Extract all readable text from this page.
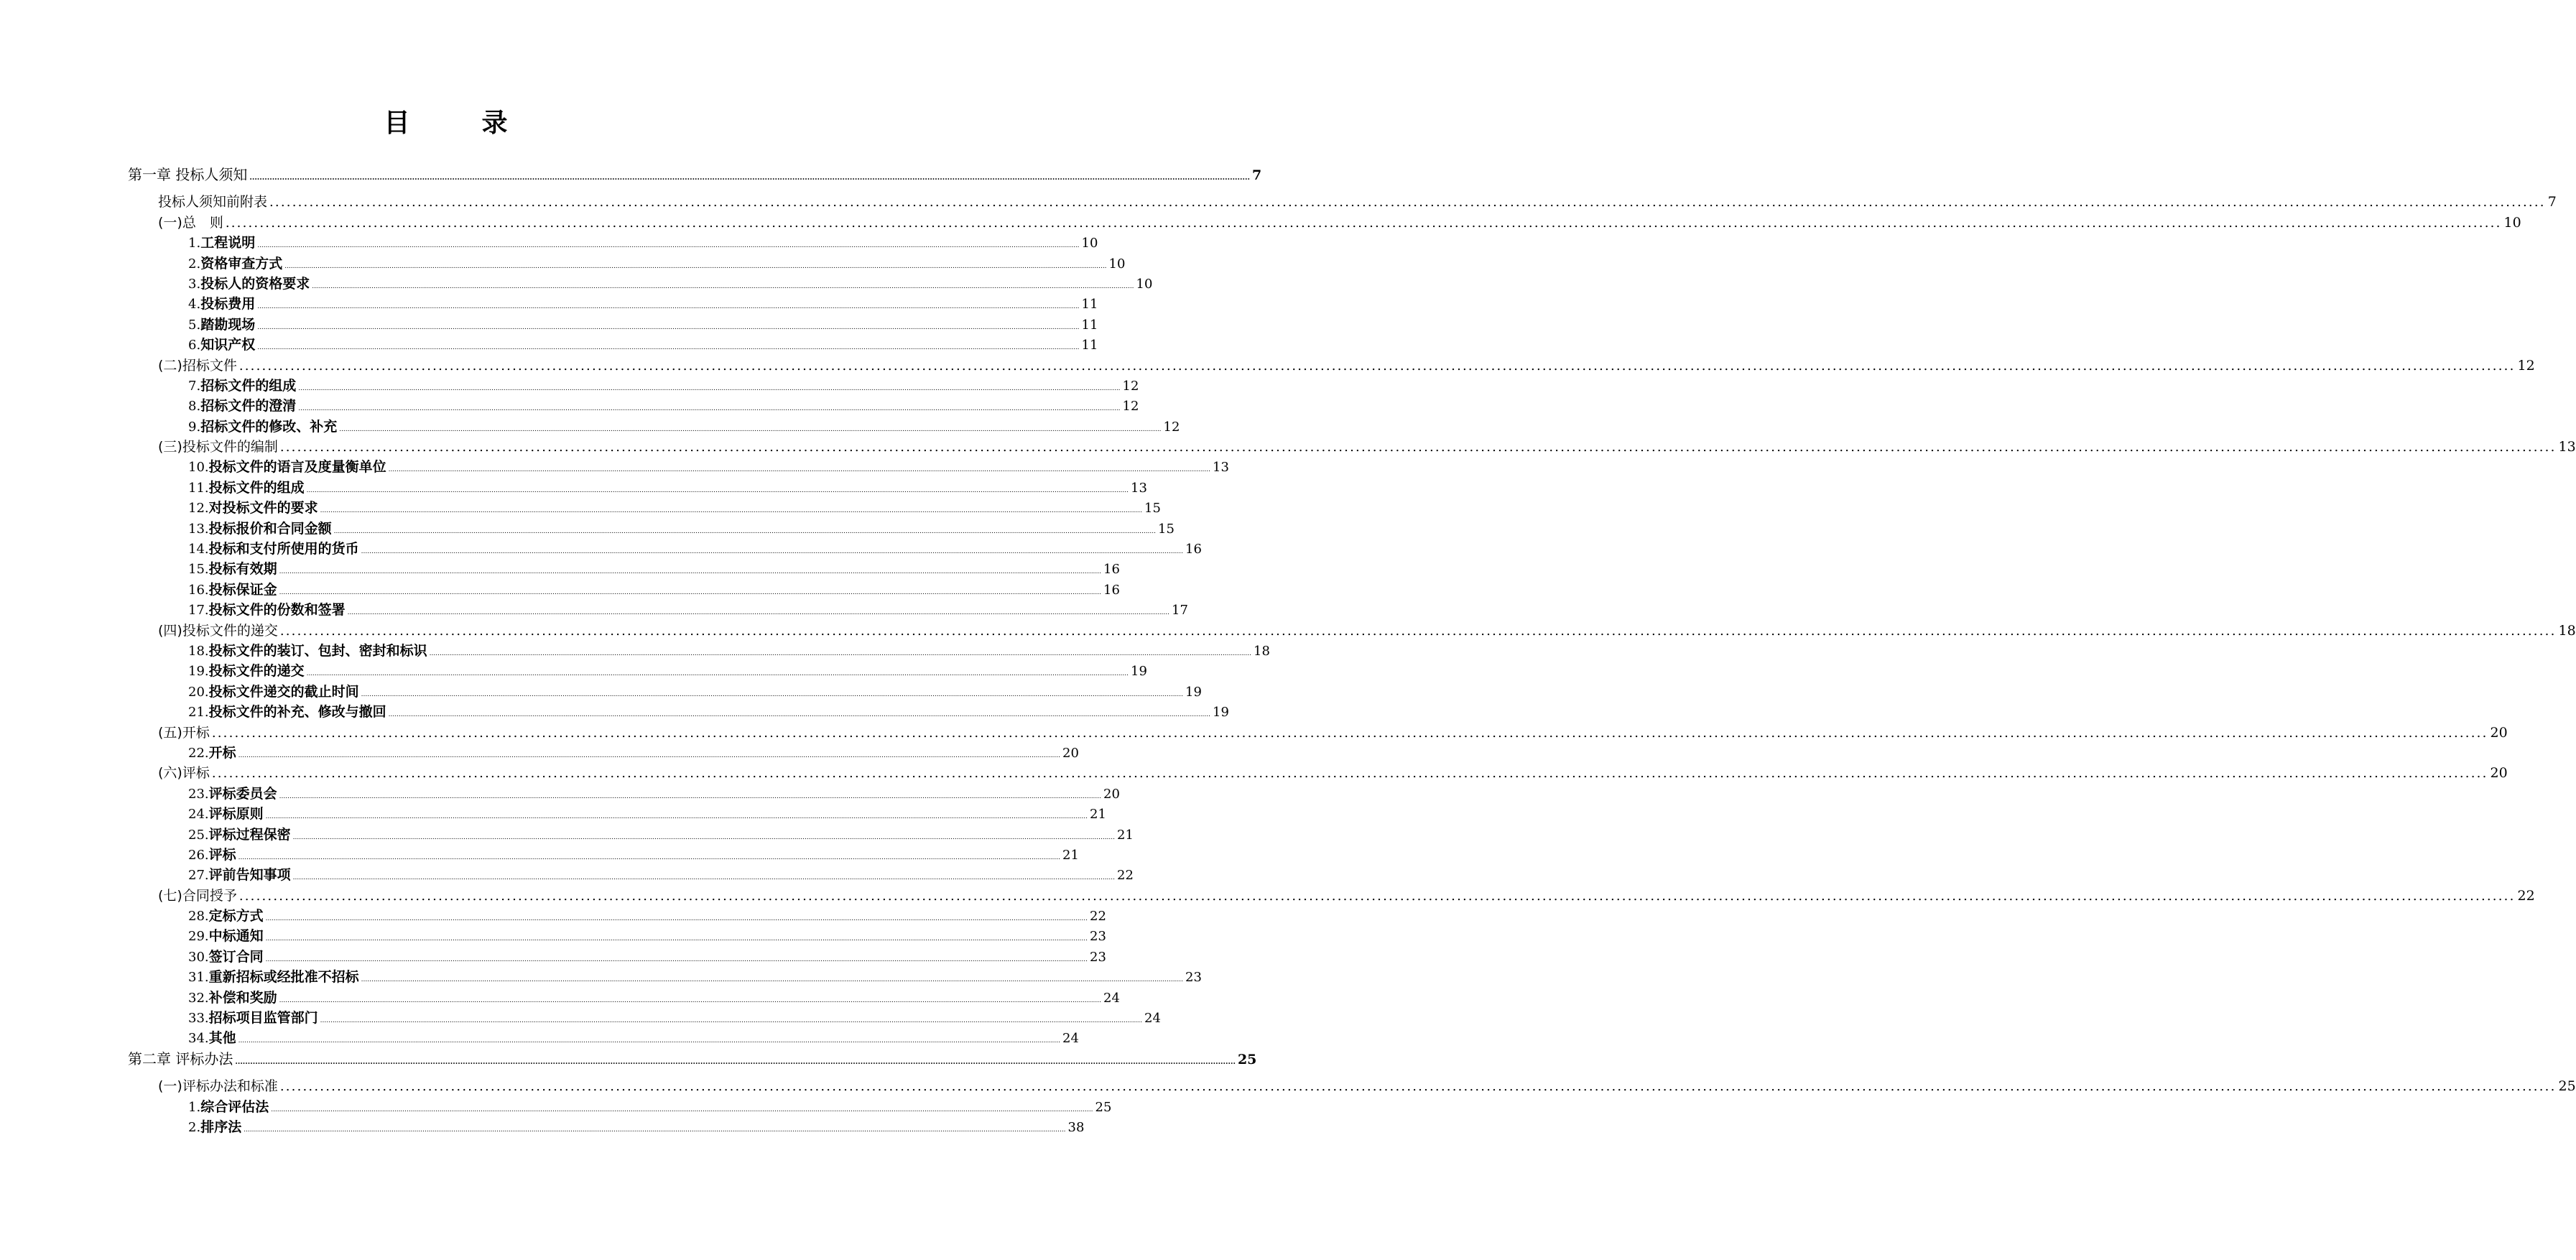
目　录
第一章 投标人须知 ................................................................................................................................................................................................................................................................................................................................................................................................................ 7
投标人须知前附表 ................................................................................................................................................................................................................................................................................................................................................................................................................ 7
(一)总　则 ................................................................................................................................................................................................................................................................................................................................................................................................................ 10
1. 工程说明 ................................................................................................................................................................................................................................................................................................................................................................................................................ 10
2. 资格审查方式 ................................................................................................................................................................................................................................................................................................................................................................................................................ 10
3. 投标人的资格要求 ................................................................................................................................................................................................................................................................................................................................................................................................................ 10
4. 投标费用 ................................................................................................................................................................................................................................................................................................................................................................................................................ 11
5. 踏勘现场 ................................................................................................................................................................................................................................................................................................................................................................................................................ 11
6. 知识产权 ................................................................................................................................................................................................................................................................................................................................................................................................................ 11
(二)招标文件 ................................................................................................................................................................................................................................................................................................................................................................................................................ 12
7. 招标文件的组成 ................................................................................................................................................................................................................................................................................................................................................................................................................ 12
8. 招标文件的澄清 ................................................................................................................................................................................................................................................................................................................................................................................................................ 12
9. 招标文件的修改、补充 ................................................................................................................................................................................................................................................................................................................................................................................................................ 12
(三)投标文件的编制 ................................................................................................................................................................................................................................................................................................................................................................................................................ 13
10. 投标文件的语言及度量衡单位 ................................................................................................................................................................................................................................................................................................................................................................................................................ 13
11. 投标文件的组成 ................................................................................................................................................................................................................................................................................................................................................................................................................ 13
12. 对投标文件的要求 ................................................................................................................................................................................................................................................................................................................................................................................................................ 15
13. 投标报价和合同金额 ................................................................................................................................................................................................................................................................................................................................................................................................................ 15
14. 投标和支付所使用的货币 ................................................................................................................................................................................................................................................................................................................................................................................................................ 16
15. 投标有效期 ................................................................................................................................................................................................................................................................................................................................................................................................................ 16
16. 投标保证金 ................................................................................................................................................................................................................................................................................................................................................................................................................ 16
17. 投标文件的份数和签署 ................................................................................................................................................................................................................................................................................................................................................................................................................ 17
(四)投标文件的递交 ................................................................................................................................................................................................................................................................................................................................................................................................................ 18
18. 投标文件的装订、包封、密封和标识 ................................................................................................................................................................................................................................................................................................................................................................................................................ 18
19. 投标文件的递交 ................................................................................................................................................................................................................................................................................................................................................................................................................ 19
20. 投标文件递交的截止时间 ................................................................................................................................................................................................................................................................................................................................................................................................................ 19
21. 投标文件的补充、修改与撤回 ................................................................................................................................................................................................................................................................................................................................................................................................................ 19
(五)开标 ................................................................................................................................................................................................................................................................................................................................................................................................................ 20
22. 开标 ................................................................................................................................................................................................................................................................................................................................................................................................................ 20
(六)评标 ................................................................................................................................................................................................................................................................................................................................................................................................................ 20
23. 评标委员会 ................................................................................................................................................................................................................................................................................................................................................................................................................ 20
24. 评标原则 ................................................................................................................................................................................................................................................................................................................................................................................................................ 21
25. 评标过程保密 ................................................................................................................................................................................................................................................................................................................................................................................................................ 21
26. 评标 ................................................................................................................................................................................................................................................................................................................................................................................................................ 21
27. 评前告知事项 ................................................................................................................................................................................................................................................................................................................................................................................................................ 22
(七)合同授予 ................................................................................................................................................................................................................................................................................................................................................................................................................ 22
28. 定标方式 ................................................................................................................................................................................................................................................................................................................................................................................................................ 22
29. 中标通知 ................................................................................................................................................................................................................................................................................................................................................................................................................ 23
30. 签订合同 ................................................................................................................................................................................................................................................................................................................................................................................................................ 23
31. 重新招标或经批准不招标 ................................................................................................................................................................................................................................................................................................................................................................................................................ 23
32. 补偿和奖励 ................................................................................................................................................................................................................................................................................................................................................................................................................ 24
33. 招标项目监管部门 ................................................................................................................................................................................................................................................................................................................................................................................................................ 24
34. 其他 ................................................................................................................................................................................................................................................................................................................................................................................................................ 24
第二章 评标办法 ................................................................................................................................................................................................................................................................................................................................................................................................................ 25
(一)评标办法和标准 ................................................................................................................................................................................................................................................................................................................................................................................................................ 25
1. 综合评估法 ................................................................................................................................................................................................................................................................................................................................................................................................................ 25
2. 排序法 ................................................................................................................................................................................................................................................................................................................................................................................................................ 38
